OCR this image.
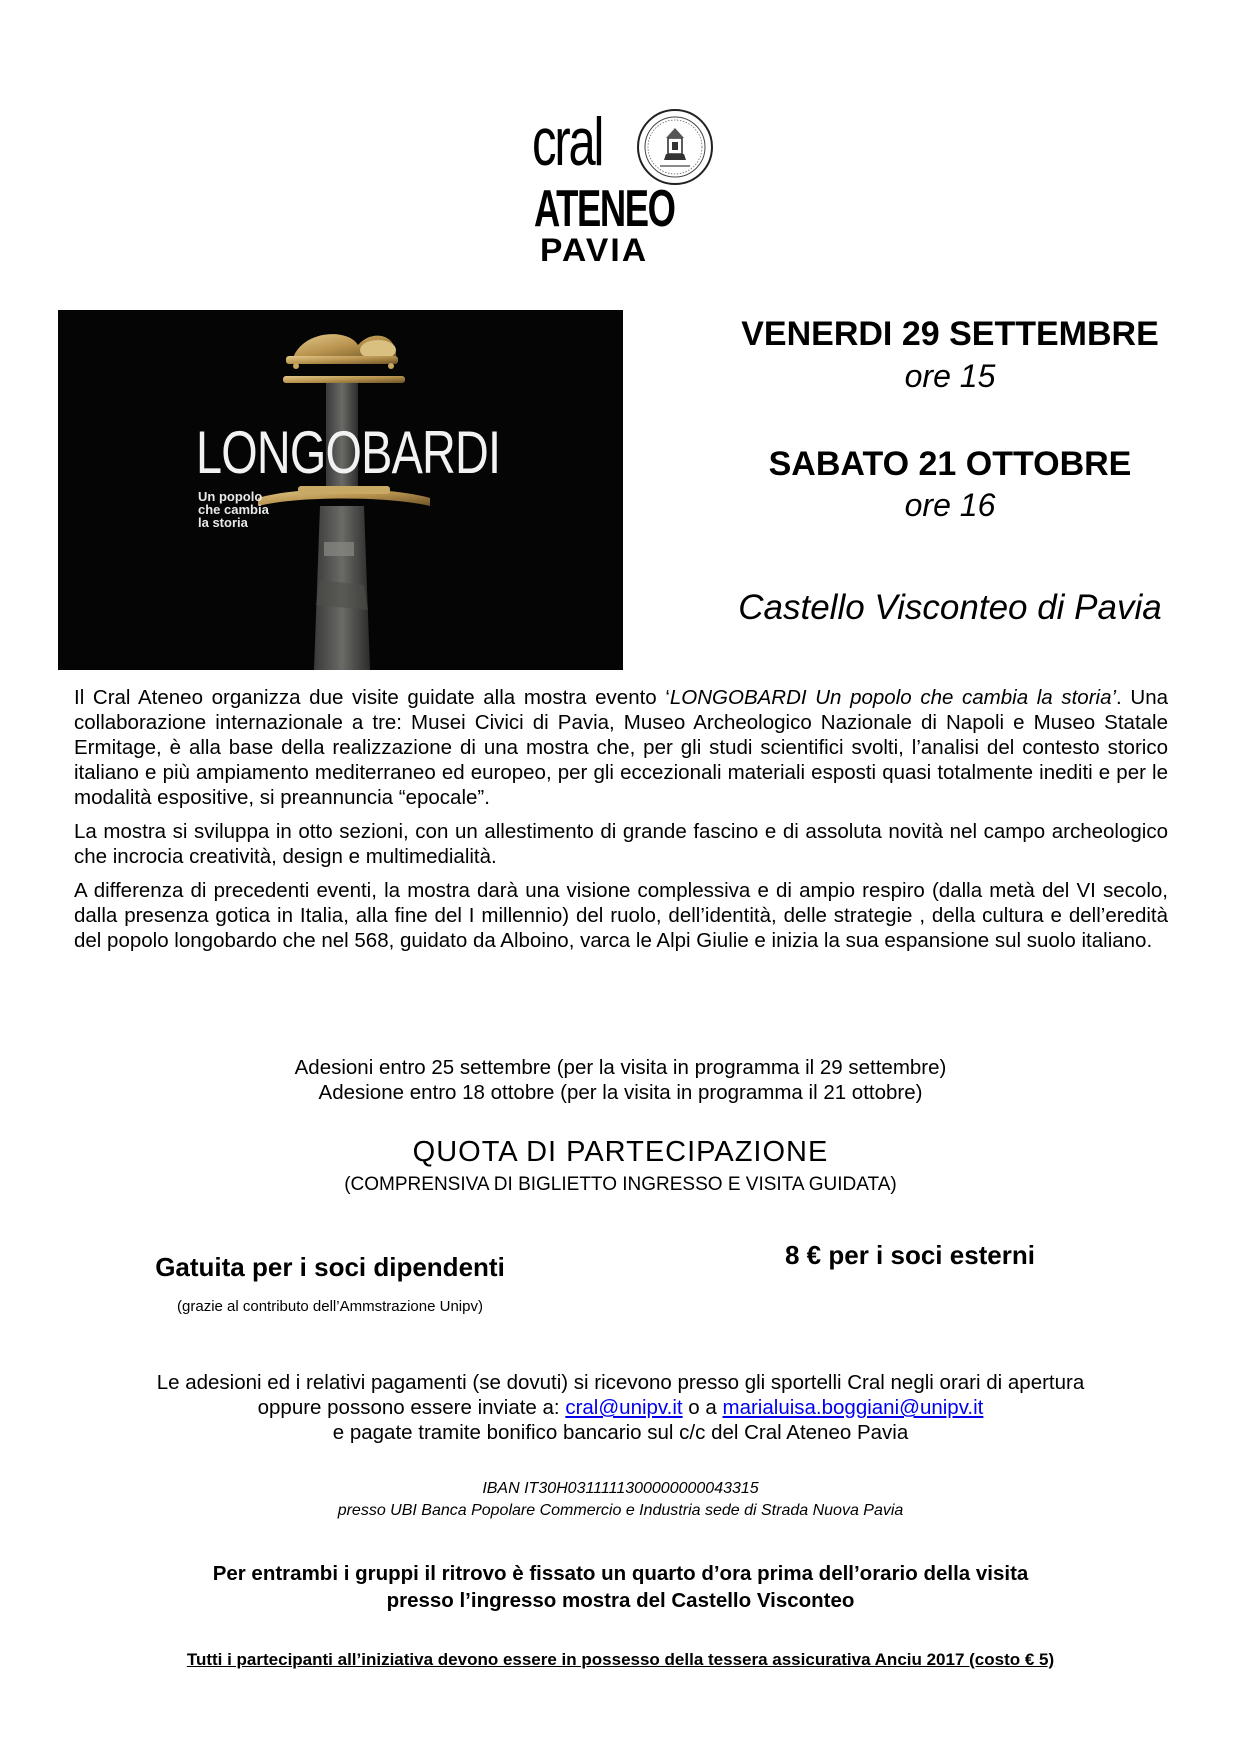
cral
ATENEO
PAVIA
LONGOBARDI
Un popolo
che cambia
la storia
VENERDI 29 SETTEMBRE
ore 15
SABATO 21 OTTOBRE
ore 16
Castello Visconteo di Pavia

Il Cral Ateneo organizza due visite guidate alla mostra evento ‘LONGOBARDI Un popolo che cambia la storia’. Una collaborazione internazionale a tre: Musei Civici di Pavia, Museo Archeologico Nazionale di Napoli e Museo Statale Ermitage, è alla base della realizzazione di una mostra che, per gli studi scientifici svolti, l’analisi del contesto storico italiano e più ampiamento mediterraneo ed europeo, per gli eccezionali materiali esposti quasi totalmente inediti e per le modalità espositive, si preannuncia “epocale”.

La mostra si sviluppa in otto sezioni, con un allestimento di grande fascino e di assoluta novità nel campo archeologico che incrocia creatività, design e multimedialità.

A differenza di precedenti eventi, la mostra darà una visione complessiva e di ampio respiro (dalla metà del VI secolo, dalla presenza gotica in Italia, alla fine del I millennio) del ruolo, dell’identità, delle strategie , della cultura e dell’eredità del popolo longobardo che nel 568, guidato da Alboino, varca le Alpi Giulie e inizia la sua espansione sul suolo italiano.

Adesioni entro 25 settembre (per la visita in programma il 29 settembre)
Adesione entro 18 ottobre (per la visita in programma il 21 ottobre)
QUOTA DI PARTECIPAZIONE
(COMPRENSIVA DI BIGLIETTO INGRESSO E VISITA GUIDATA)
Gatuita per i soci dipendenti
(grazie al contributo dell’Ammstrazione Unipv)
8 € per i soci esterni
Le adesioni ed i relativi pagamenti (se dovuti) si ricevono presso gli sportelli Cral negli orari di apertura
oppure possono essere inviate a: cral@unipv.it o a marialuisa.boggiani@unipv.it
e pagate tramite bonifico bancario sul c/c del Cral Ateneo Pavia
IBAN IT30H0311111300000000043315
presso UBI Banca Popolare Commercio e Industria sede di Strada Nuova Pavia
Per entrambi i gruppi il ritrovo è fissato un quarto d’ora prima dell’orario della visita
presso l’ingresso mostra del Castello Visconteo
Tutti i partecipanti all’iniziativa devono essere in possesso della tessera assicurativa Anciu 2017 (costo € 5)
